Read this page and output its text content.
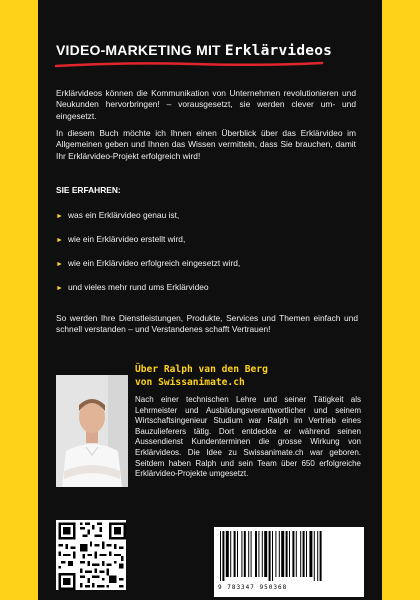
VIDEO-MARKETING MIT Erklärvideos
Erklärvideos können die Kommunikation von Unternehmen revolutionieren und Neukunden hervorbringen! – vorausgesetzt, sie werden clever um- und eingesetzt.
In diesem Buch möchte ich Ihnen einen Überblick über das Erklärvideo im Allgemeinen geben und Ihnen das Wissen vermitteln, dass Sie brauchen, damit Ihr Erklärvideo-Projekt erfolgreich wird!
SIE ERFAHREN:
► was ein Erklärvideo genau ist,
► wie ein Erklärvideo erstellt wird,
► wie ein Erklärvideo erfolgreich eingesetzt wird,
► und vieles mehr rund ums Erklärvideo
So werden Ihre Dienstleistungen, Produkte, Services und Themen einfach und schnell verstanden – und Verstandenes schafft Vertrauen!
Über Ralph van den Berg
von Swissanimate.ch
Nach einer technischen Lehre und seiner Tätigkeit als Lehrmeister und Ausbildungsverantwortlicher und seinem Wirtschaftsingenieur Studium war Ralph im Vertrieb eines Bauzulieferers tätig. Dort entdeckte er während seinen Aussendienst Kundenterminen die grosse Wirkung von Erklärvideos. Die Idee zu Swissanimate.ch war geboren. Seitdem haben Ralph und sein Team über 650 erfolgreiche Erklärvideo-Projekte umgesetzt.
9 783347 950368
